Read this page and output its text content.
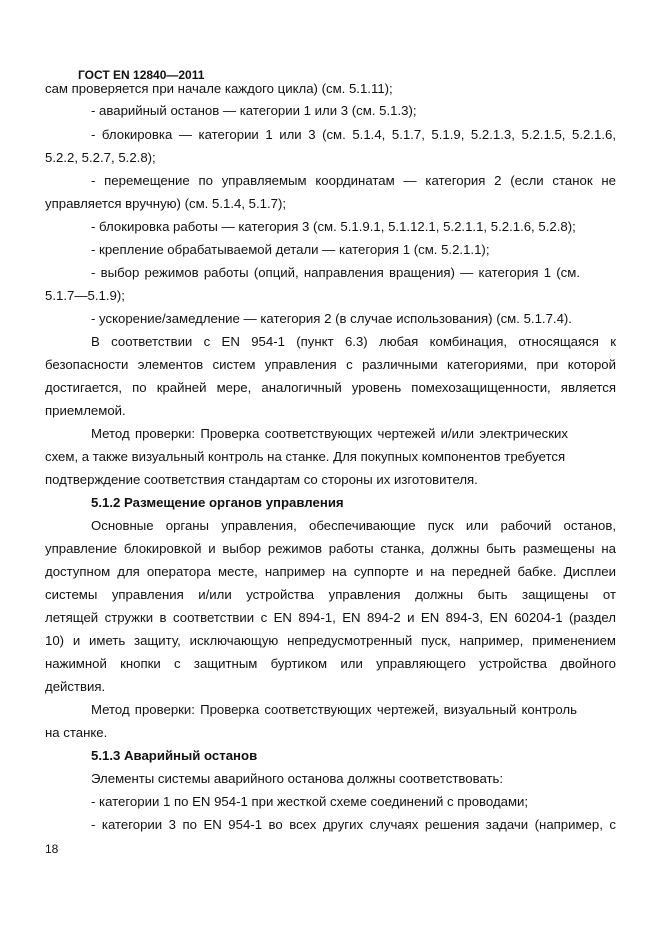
ГОСТ EN 12840—2011
сам проверяется при начале каждого цикла) (см. 5.1.11);
- аварийный останов — категории 1 или 3 (см. 5.1.3);
- блокировка — категории 1 или 3 (см. 5.1.4, 5.1.7, 5.1.9, 5.2.1.3, 5.2.1.5, 5.2.1.6,
5.2.2, 5.2.7, 5.2.8);
- перемещение по управляемым координатам — категория 2 (если станок не
управляется вручную) (см. 5.1.4, 5.1.7);
- блокировка работы — категория 3 (см. 5.1.9.1, 5.1.12.1, 5.2.1.1, 5.2.1.6, 5.2.8);
- крепление обрабатываемой детали — категория 1 (см. 5.2.1.1);
- выбор режимов работы (опций, направления вращения) — категория 1 (см.
5.1.7—5.1.9);
- ускорение/замедление — категория 2 (в случае использования) (см. 5.1.7.4).
В соответствии с EN 954-1 (пункт 6.3) любая комбинация, относящаяся к
безопасности элементов систем управления с различными категориями, при которой
достигается, по крайней мере, аналогичный уровень помехозащищенности, является
приемлемой.
Метод проверки: Проверка соответствующих чертежей и/или электрических
схем, а также визуальный контроль на станке. Для покупных компонентов требуется
подтверждение соответствия стандартам со стороны их изготовителя.
5.1.2 Размещение органов управления
Основные органы управления, обеспечивающие пуск или рабочий останов,
управление блокировкой и выбор режимов работы станка, должны быть размещены на
доступном для оператора месте, например на суппорте и на передней бабке. Дисплеи
системы управления и/или устройства управления должны быть защищены от
летящей стружки в соответствии с EN 894-1, EN 894-2 и EN 894-3, EN 60204-1 (раздел
10) и иметь защиту, исключающую непредусмотренный пуск, например, применением
нажимной кнопки с защитным буртиком или управляющего устройства двойного
действия.
Метод проверки: Проверка соответствующих чертежей, визуальный контроль
на станке.
5.1.3 Аварийный останов
Элементы системы аварийного останова должны соответствовать:
- категории 1 по EN 954-1 при жесткой схеме соединений с проводами;
- категории 3 по EN 954-1 во всех других случаях решения задачи (например, с
18
